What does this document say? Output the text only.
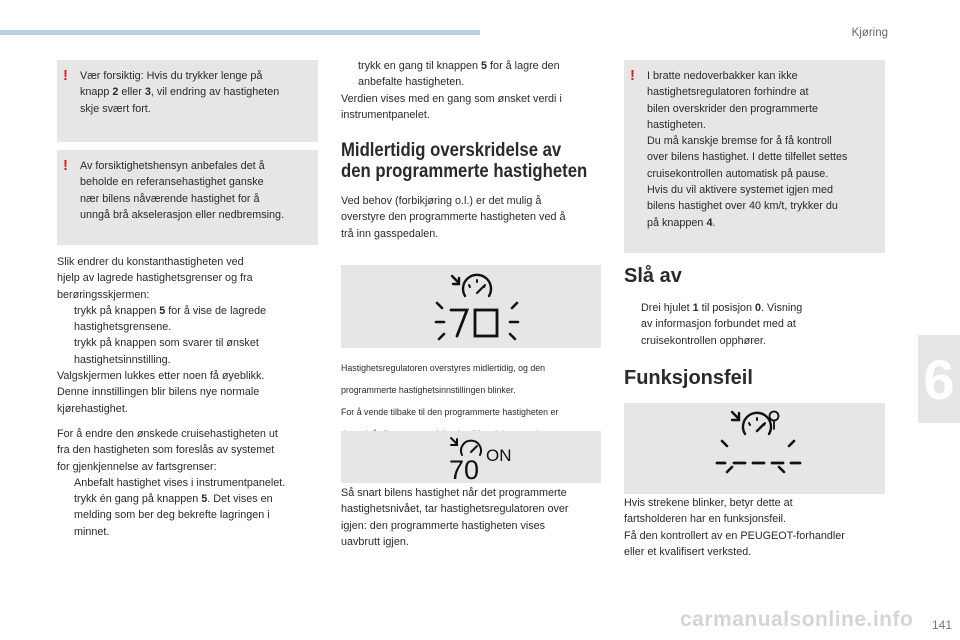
Kjøring
6
141
carmanualsonline.info
! Vær forsiktig: Hvis du trykker lenge på

knapp 2 eller 3, vil endring av hastigheten

skje svært fort.

! Av forsiktighetshensyn anbefales det å

beholde en referansehastighet ganske

nær bilens nåværende hastighet for å

unngå brå akselerasjon eller nedbremsing.

Slik endrer du konstanthastigheten ved

hjelp av lagrede hastighetsgrenser og fra

berøringsskjermen:

trykk på knappen 5 for å vise de lagrede

hastighetsgrensene.

trykk på knappen som svarer til ønsket

hastighetsinnstilling.

Valgskjermen lukkes etter noen få øyeblikk.

Denne innstillingen blir bilens nye normale

kjørehastighet.

For å endre den ønskede cruisehastigheten ut

fra den hastigheten som foreslås av systemet

for gjenkjennelse av fartsgrenser:

Anbefalt hastighet vises i instrumentpanelet.

trykk én gang på knappen 5. Det vises en

melding som ber deg bekrefte lagringen i

minnet.

trykk en gang til knappen 5 for å lagre den

anbefalte hastigheten.

Verdien vises med en gang som ønsket verdi i

instrumentpanelet.

Midlertidig overskridelse av
den programmerte hastigheten

Ved behov (forbikjøring o.l.) er det mulig å

overstyre den programmerte hastigheten ved å

trå inn gasspedalen.

Hastighetsregulatoren overstyres midlertidig, og den

programmerte hastighetsinnstillingen blinker.

For å vende tilbake til den programmerte hastigheten er

70 ON

Så snart bilens hastighet når det programmerte

hastighetsnivået, tar hastighetsregulatoren over

igjen: den programmerte hastigheten vises

uavbrutt igjen.

! I bratte nedoverbakker kan ikke

hastighetsregulatoren forhindre at

bilen overskrider den programmerte

hastigheten.

Du må kanskje bremse for å få kontroll

over bilens hastighet. I dette tilfellet settes

cruisekontrollen automatisk på pause.

Hvis du vil aktivere systemet igjen med

bilens hastighet over 40 km/t, trykker du

på knappen 4.

Slå av

Drei hjulet 1 til posisjon 0. Visning

av informasjon forbundet med at

cruisekontrollen opphører.

Funksjonsfeil

Hvis strekene blinker, betyr dette at

fartsholderen har en funksjonsfeil.

Få den kontrollert av en PEUGEOT-forhandler

eller et kvalifisert verksted.
